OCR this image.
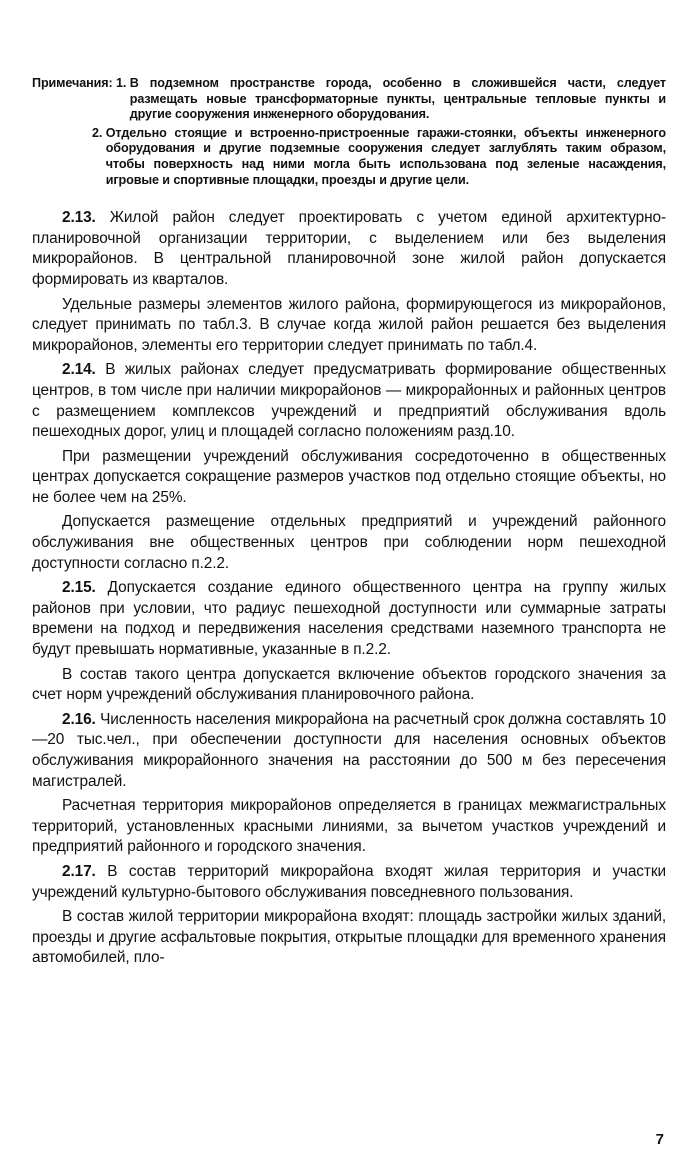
Примечания: 1. В подземном пространстве города, особенно в сложившейся части, следует размещать новые трансформаторные пункты, центральные тепловые пункты и другие сооружения инженерного оборудования.
2. Отдельно стоящие и встроенно-пристроенные гаражи-стоянки, объекты инженерного оборудования и другие подземные сооружения следует заглублять таким образом, чтобы поверхность над ними могла быть использована под зеленые насаждения, игровые и спортивные площадки, проезды и другие цели.

2.13. Жилой район следует проектировать с учетом единой архитектурно-планировочной организации территории, с выделением или без выделения микрорайонов. В центральной планировочной зоне жилой район допускается формировать из кварталов.

Удельные размеры элементов жилого района, формирующегося из микрорайонов, следует принимать по табл.3. В случае когда жилой район решается без выделения микрорайонов, элементы его территории следует принимать по табл.4.

2.14. В жилых районах следует предусматривать формирование общественных центров, в том числе при наличии микрорайонов — микрорайонных и районных центров с размещением комплексов учреждений и предприятий обслуживания вдоль пешеходных дорог, улиц и площадей согласно положениям разд.10.

При размещении учреждений обслуживания сосредоточенно в общественных центрах допускается сокращение размеров участков под отдельно стоящие объекты, но не более чем на 25%.

Допускается размещение отдельных предприятий и учреждений районного обслуживания вне общественных центров при соблюдении норм пешеходной доступности согласно п.2.2.

2.15. Допускается создание единого общественного центра на группу жилых районов при условии, что радиус пешеходной доступности или суммарные затраты времени на подход и передвижения населения средствами наземного транспорта не будут превышать нормативные, указанные в п.2.2.

В состав такого центра допускается включение объектов городского значения за счет норм учреждений обслуживания планировочного района.

2.16. Численность населения микрорайона на расчетный срок должна составлять 10—20 тыс.чел., при обеспечении доступности для населения основных объектов обслуживания микрорайонного значения на расстоянии до 500 м без пересечения магистралей.

Расчетная территория микрорайонов определяется в границах межмагистральных территорий, установленных красными линиями, за вычетом участков учреждений и предприятий районного и городского значения.

2.17. В состав территорий микрорайона входят жилая территория и участки учреждений культурно-бытового обслуживания повседневного пользования.

В состав жилой территории микрорайона входят: площадь застройки жилых зданий, проезды и другие асфальтовые покрытия, открытые площадки для временного хранения автомобилей, пло-

7
